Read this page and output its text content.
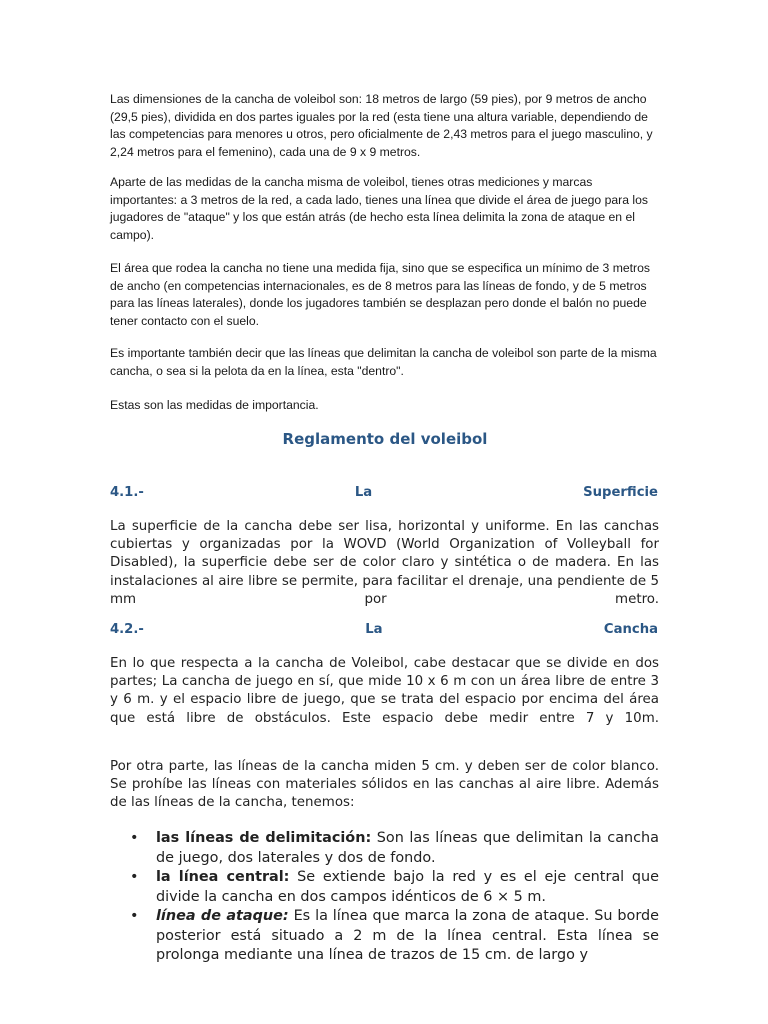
Las dimensiones de la cancha de voleibol son: 18 metros de largo (59 pies), por 9 metros de ancho (29,5 pies), dividida en dos partes iguales por la red (esta tiene una altura variable, dependiendo de las competencias para menores u otros, pero oficialmente de 2,43 metros para el juego masculino, y 2,24 metros para el femenino), cada una de 9 x 9 metros.

Aparte de las medidas de la cancha misma de voleibol, tienes otras mediciones y marcas importantes: a 3 metros de la red, a cada lado, tienes una línea que divide el área de juego para los jugadores de "ataque" y los que están atrás (de hecho esta línea delimita la zona de ataque en el campo).

El área que rodea la cancha no tiene una medida fija, sino que se especifica un mínimo de 3 metros de ancho (en competencias internacionales, es de 8 metros para las líneas de fondo, y de 5 metros para las líneas laterales), donde los jugadores también se desplazan pero donde el balón no puede tener contacto con el suelo.

Es importante también decir que las líneas que delimitan la cancha de voleibol son parte de la misma cancha, o sea si la pelota da en la línea, esta "dentro".

Estas son las medidas de importancia.

Reglamento del voleibol
4.1.-	La	Superficie

La superficie de la cancha debe ser lisa, horizontal y uniforme. En las canchas cubiertas y organizadas por la WOVD (World Organization of Volleyball for Disabled), la superficie debe ser de color claro y sintética o de madera. En las instalaciones al aire libre se permite, para facilitar el drenaje, una pendiente de 5 mm por metro.

4.2.-	La	Cancha

En lo que respecta a la cancha de Voleibol, cabe destacar que se divide en dos partes; La cancha de juego en sí, que mide 10 x 6 m con un área libre de entre 3 y 6 m. y el espacio libre de juego, que se trata del espacio por encima del área que está libre de obstáculos. Este espacio debe medir entre 7 y 10m.

Por otra parte, las líneas de la cancha miden 5 cm. y deben ser de color blanco. Se prohíbe las líneas con materiales sólidos en las canchas al aire libre. Además de las líneas de la cancha, tenemos:

• las líneas de delimitación: Son las líneas que delimitan la cancha de juego, dos laterales y dos de fondo.
• la línea central: Se extiende bajo la red y es el eje central que divide la cancha en dos campos idénticos de 6 × 5 m.
• línea de ataque: Es la línea que marca la zona de ataque. Su borde posterior está situado a 2 m de la línea central. Esta línea se prolonga mediante una línea de trazos de 15 cm. de largo y
